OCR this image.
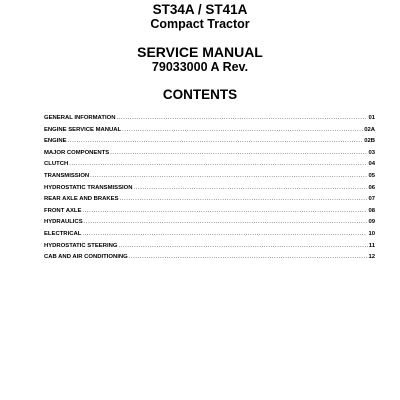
ST34A / ST41A
Compact Tractor
SERVICE MANUAL
79033000 A Rev.
CONTENTS
GENERAL INFORMATION .....	01
ENGINE SERVICE MANUAL .....	02A
ENGINE .....	02B
MAJOR COMPONENTS .....	03
CLUTCH .....	04
TRANSMISSION .....	05
HYDROSTATIC TRANSMISSION .....	06
REAR AXLE AND BRAKES .....	07
FRONT AXLE .....	08
HYDRAULICS .....	09
ELECTRICAL .....	10
HYDROSTATIC STEERING .....	11
CAB AND AIR CONDITIONING .....	12
